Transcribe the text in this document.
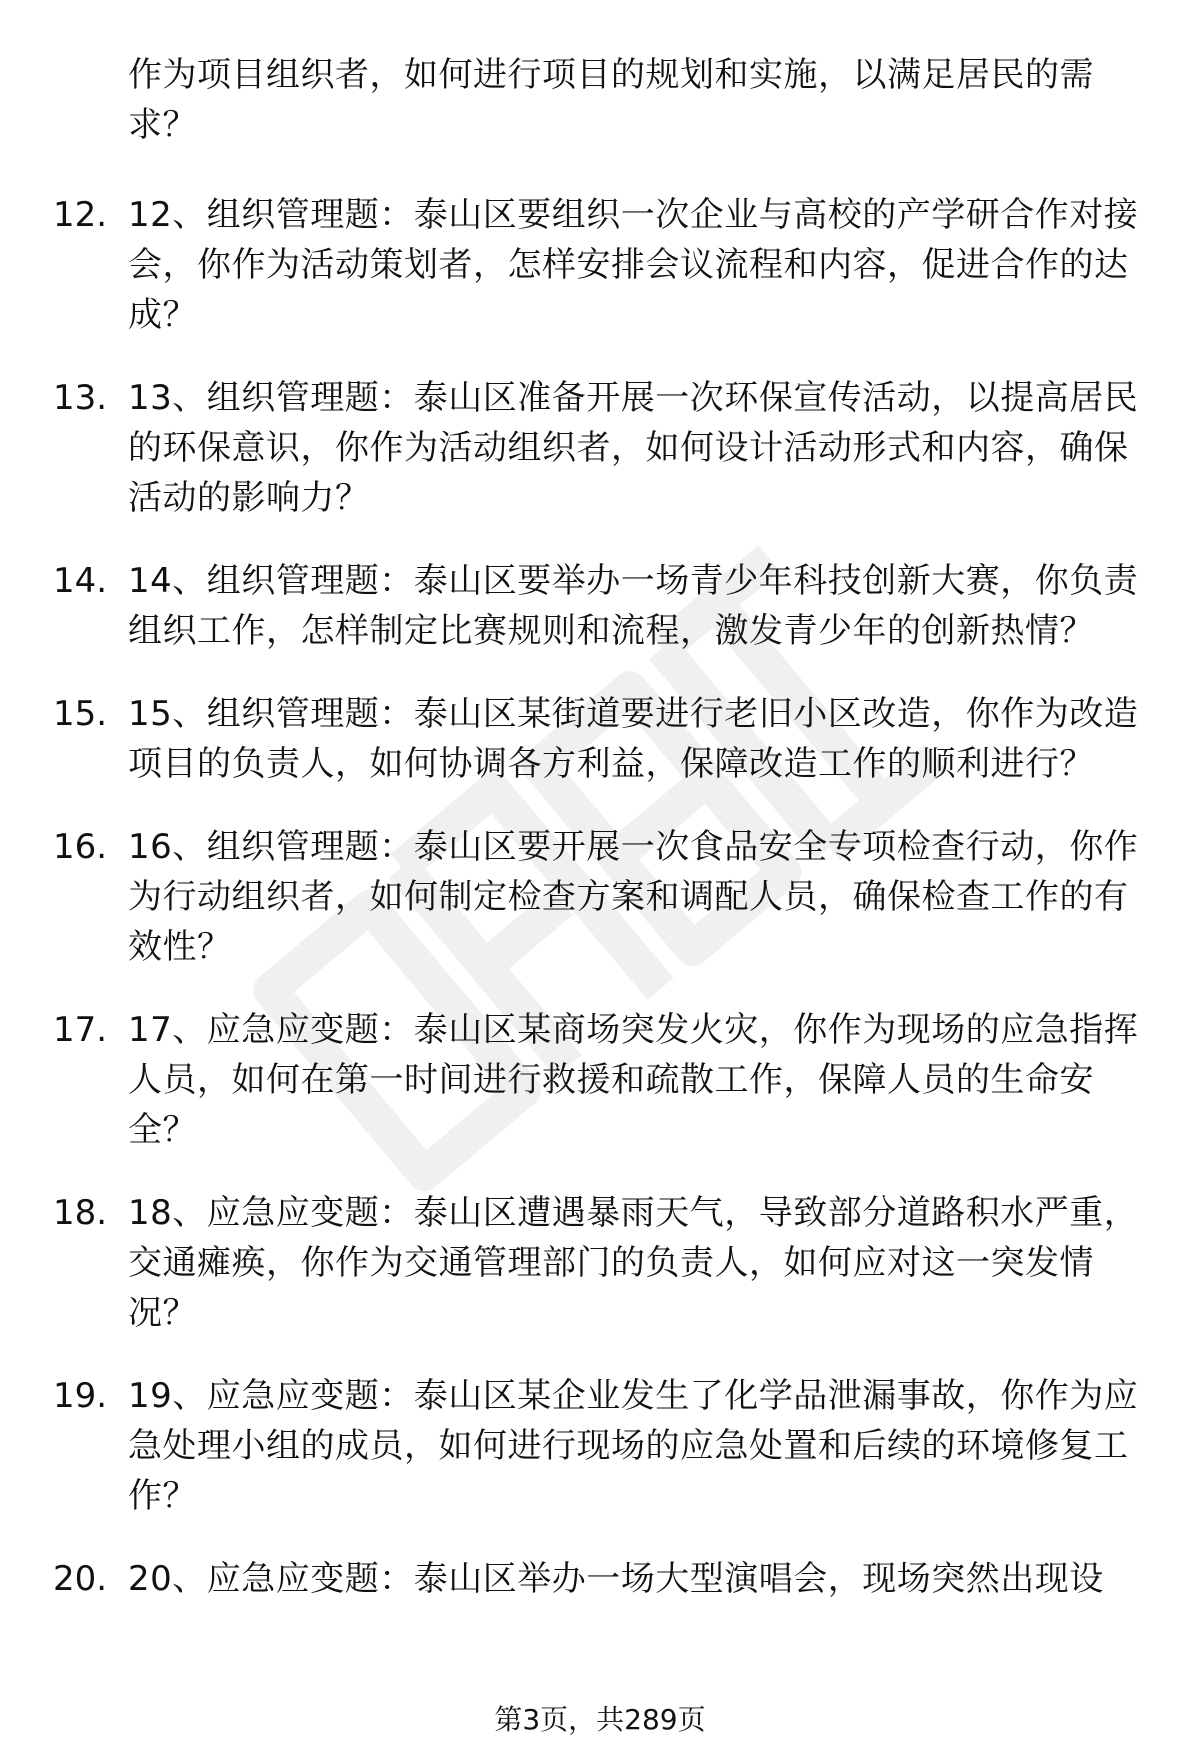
作为项目组织者，如何进行项目的规划和实施，以满足居民的需求？
12. 12、组织管理题：泰山区要组织一次企业与高校的产学研合作对接会，你作为活动策划者，怎样安排会议流程和内容，促进合作的达成？
13. 13、组织管理题：泰山区准备开展一次环保宣传活动，以提高居民的环保意识，你作为活动组织者，如何设计活动形式和内容，确保活动的影响力？
14. 14、组织管理题：泰山区要举办一场青少年科技创新大赛，你负责组织工作，怎样制定比赛规则和流程，激发青少年的创新热情？
15. 15、组织管理题：泰山区某街道要进行老旧小区改造，你作为改造项目的负责人，如何协调各方利益，保障改造工作的顺利进行？
16. 16、组织管理题：泰山区要开展一次食品安全专项检查行动，你作为行动组织者，如何制定检查方案和调配人员，确保检查工作的有效性？
17. 17、应急应变题：泰山区某商场突发火灾，你作为现场的应急指挥人员，如何在第一时间进行救援和疏散工作，保障人员的生命安全？
18. 18、应急应变题：泰山区遭遇暴雨天气，导致部分道路积水严重，交通瘫痪，你作为交通管理部门的负责人，如何应对这一突发情况？
19. 19、应急应变题：泰山区某企业发生了化学品泄漏事故，你作为应急处理小组的成员，如何进行现场的应急处置和后续的环境修复工作？
20. 20、应急应变题：泰山区举办一场大型演唱会，现场突然出现设
第3页，共289页
